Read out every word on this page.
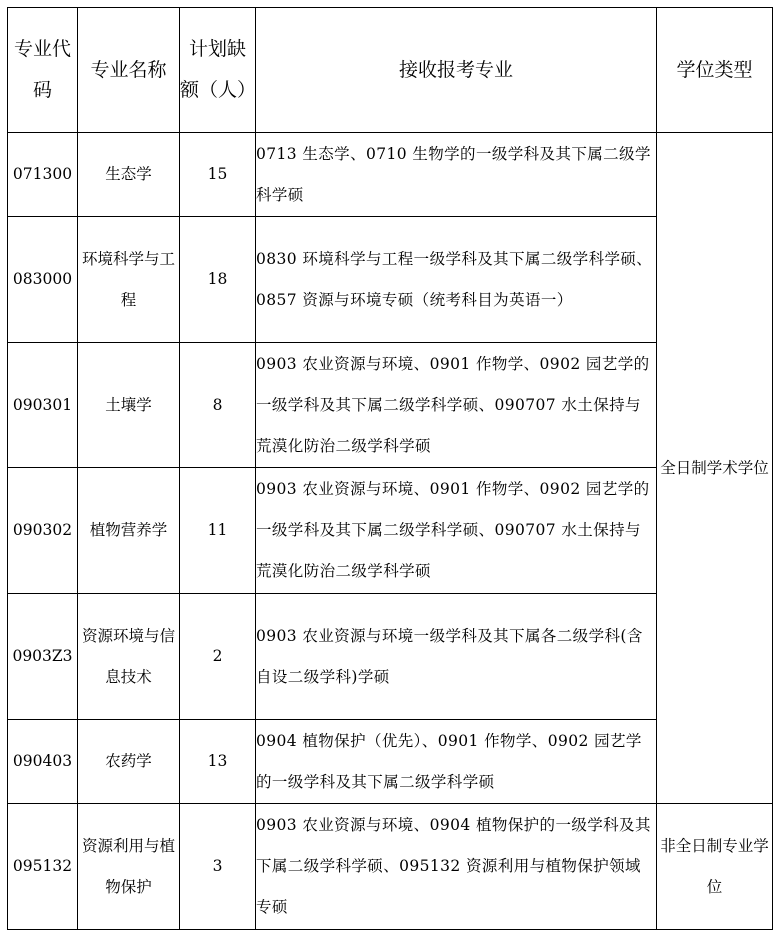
专业代码	专业名称	计划缺额（人）	接收报考专业	学位类型
071300	生态学	15	0713 生态学、0710 生物学的一级学科及其下属二级学科学硕	全日制学术学位
083000	环境科学与工程	18	0830 环境科学与工程一级学科及其下属二级学科学硕、0857 资源与环境专硕（统考科目为英语一）	
090301	土壤学	8	0903 农业资源与环境、0901 作物学、0902 园艺学的一级学科及其下属二级学科学硕、090707 水土保持与荒漠化防治二级学科学硕	
090302	植物营养学	11	0903 农业资源与环境、0901 作物学、0902 园艺学的一级学科及其下属二级学科学硕、090707 水土保持与荒漠化防治二级学科学硕	
0903Z3	资源环境与信息技术	2	0903 农业资源与环境一级学科及其下属各二级学科(含自设二级学科)学硕	
090403	农药学	13	0904 植物保护（优先）、0901 作物学、0902 园艺学的一级学科及其下属二级学科学硕	
095132	资源利用与植物保护	3	0903 农业资源与环境、0904 植物保护的一级学科及其下属二级学科学硕、095132 资源利用与植物保护领域专硕	非全日制专业学位
